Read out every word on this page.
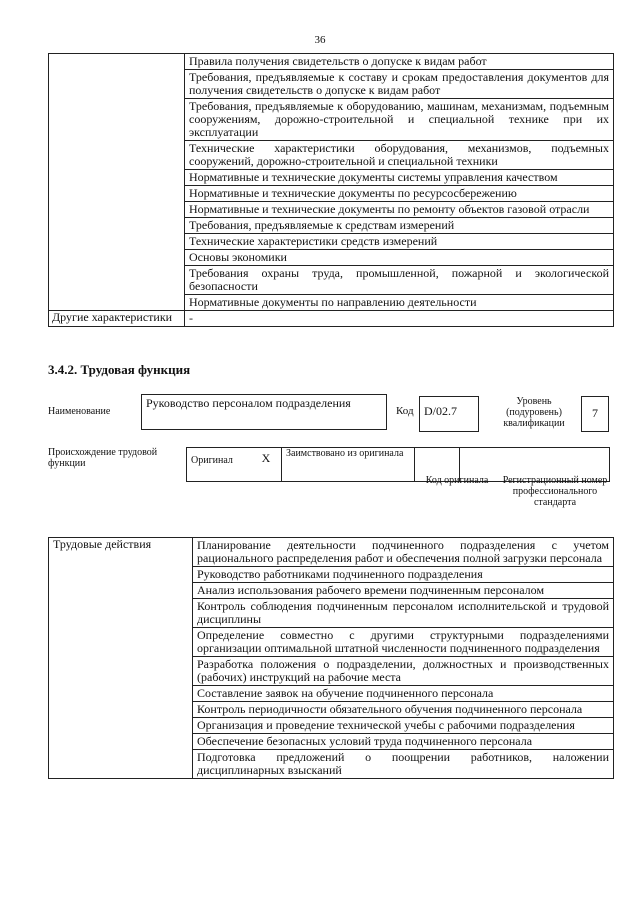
36
	Правила получения свидетельств о допуске к видам работ
	Требования, предъявляемые к составу и срокам предоставления документов для получения свидетельств о допуске к видам работ
	Требования, предъявляемые к оборудованию, машинам, механизмам, подъемным сооружениям, дорожно-строительной и специальной технике при их эксплуатации
	Технические характеристики оборудования, механизмов, подъемных сооружений, дорожно-строительной и специальной техники
	Нормативные и технические документы системы управления качеством
	Нормативные и технические документы по ресурсосбережению
	Нормативные и технические документы по ремонту объектов газовой отрасли
	Требования, предъявляемые к средствам измерений
	Технические характеристики средств измерений
	Основы экономики
	Требования охраны труда, промышленной, пожарной и экологической безопасности
	Нормативные документы по направлению деятельности
Другие характеристики	-
3.4.2. Трудовая функция
Наименование
Руководство персоналом подразделения
Код D/02.7
Уровень (подуровень) квалификации
7
Происхождение трудовой функции	Оригинал	X	Заимствовано из оригинала		
Код оригинала	Регистрационный номер профессионального стандарта
Трудовые действия	Планирование деятельности подчиненного подразделения с учетом рационального распределения работ и обеспечения полной загрузки персонала
Руководство работниками подчиненного подразделения
Анализ использования рабочего времени подчиненным персоналом
Контроль соблюдения подчиненным персоналом исполнительской и трудовой дисциплины
Определение совместно с другими структурными подразделениями организации оптимальной штатной численности подчиненного подразделения
Разработка положения о подразделении, должностных и производственных (рабочих) инструкций на рабочие места
Составление заявок на обучение подчиненного персонала
Контроль периодичности обязательного обучения подчиненного персонала
Организация и проведение технической учебы с рабочими подразделения
Обеспечение безопасных условий труда подчиненного персонала
Подготовка предложений о поощрении работников, наложении дисциплинарных взысканий
